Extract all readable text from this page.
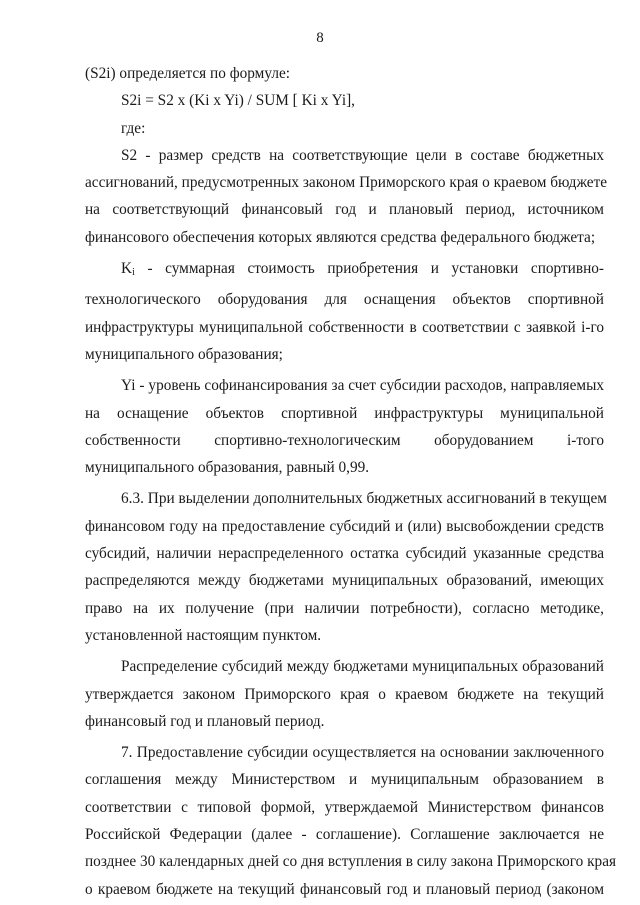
8
(S2i) определяется по формуле:
S2i = S2 x (Ki x Yi) / SUM [ Ki x Yi],
где:
S2 - размер средств на соответствующие цели в составе бюджетных
ассигнований, предусмотренных законом Приморского края о краевом бюджете
на соответствующий финансовый год и плановый период, источником
финансового обеспечения которых являются средства федерального бюджета;
$K_i$ - суммарная стоимость приобретения и установки спортивно-
технологического оборудования для оснащения объектов спортивной
инфраструктуры муниципальной собственности в соответствии с заявкой i-го
муниципального образования;
Yi - уровень софинансирования за счет субсидии расходов, направляемых
на оснащение объектов спортивной инфраструктуры муниципальной
собственности спортивно-технологическим оборудованием i-того
муниципального образования, равный 0,99.
6.3. При выделении дополнительных бюджетных ассигнований в текущем
финансовом году на предоставление субсидий и (или) высвобождении средств
субсидий, наличии нераспределенного остатка субсидий указанные средства
распределяются между бюджетами муниципальных образований, имеющих
право на их получение (при наличии потребности), согласно методике,
установленной настоящим пунктом.
Распределение субсидий между бюджетами муниципальных образований
утверждается законом Приморского края о краевом бюджете на текущий
финансовый год и плановый период.
7. Предоставление субсидии осуществляется на основании заключенного
соглашения между Министерством и муниципальным образованием в
соответствии с типовой формой, утверждаемой Министерством финансов
Российской Федерации (далее - соглашение). Соглашение заключается не
позднее 30 календарных дней со дня вступления в силу закона Приморского края
о краевом бюджете на текущий финансовый год и плановый период (законом
